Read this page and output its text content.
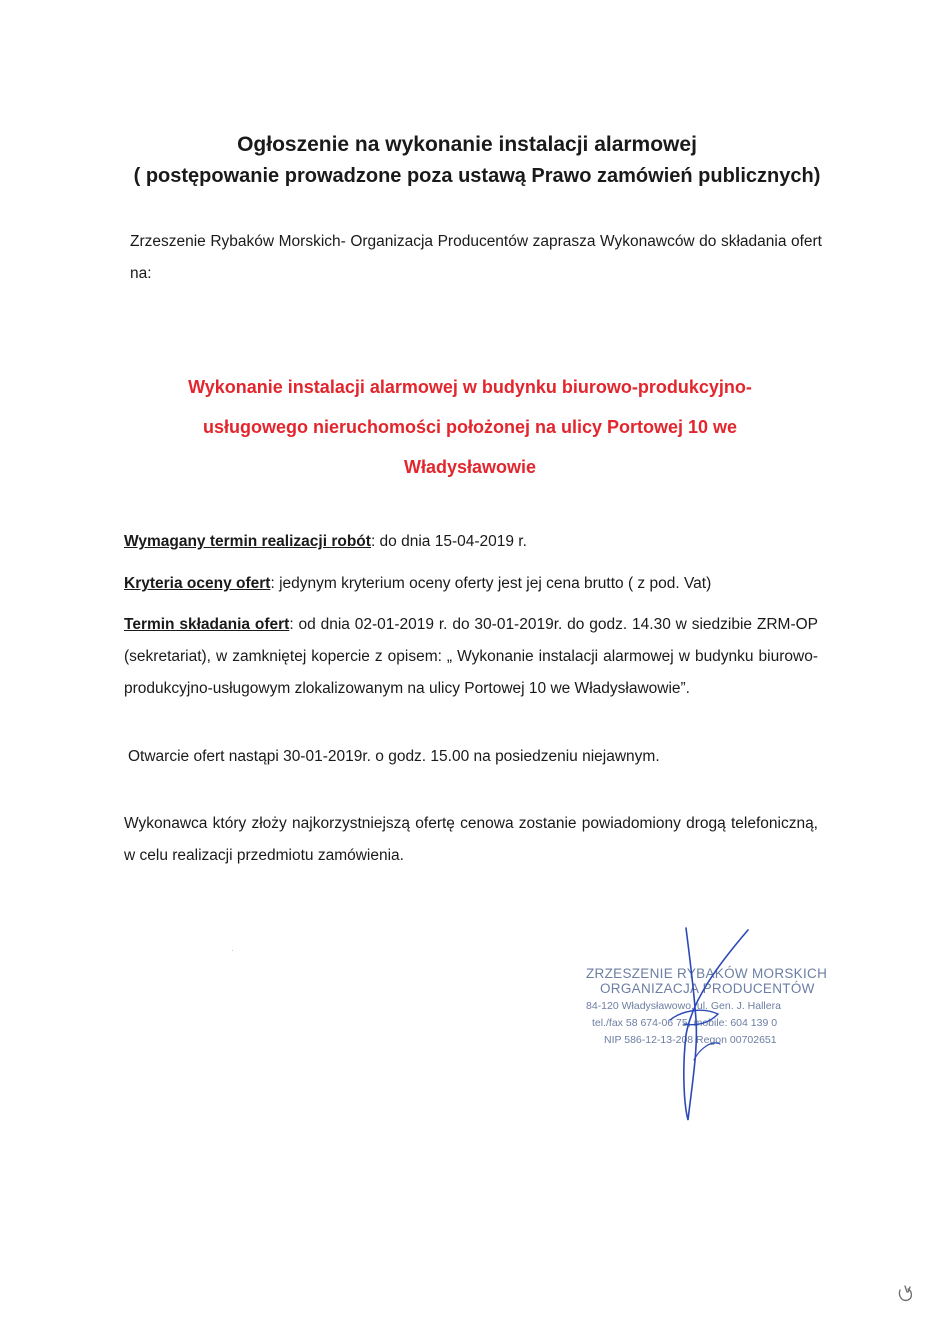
Ogłoszenie na wykonanie instalacji alarmowej
( postępowanie prowadzone poza ustawą Prawo zamówień publicznych)

Zrzeszenie Rybaków Morskich- Organizacja Producentów zaprasza Wykonawców do składania ofert na:

Wykonanie instalacji alarmowej w budynku biurowo-produkcyjno-usługowego nieruchomości położonej na ulicy Portowej 10 we Władysławowie

Wymagany termin realizacji robót: do dnia 15-04-2019 r.

Kryteria oceny ofert: jedynym kryterium oceny oferty jest jej cena brutto ( z pod. Vat)

Termin składania ofert: od dnia 02-01-2019 r. do 30-01-2019r. do godz. 14.30 w siedzibie ZRM-OP (sekretariat), w zamkniętej kopercie z opisem: „ Wykonanie instalacji alarmowej w budynku biurowo-produkcyjno-usługowym zlokalizowanym na ulicy Portowej 10 we Władysławowie”.

Otwarcie ofert nastąpi 30-01-2019r. o godz. 15.00 na posiedzeniu niejawnym.

Wykonawca który złoży najkorzystniejszą ofertę cenowa zostanie powiadomiony drogą telefoniczną, w celu realizacji przedmiotu zamówienia.

ZRZESZENIE RYBAKÓW MORSKICH
ORGANIZACJA PRODUCENTÓW
84-120 Władysławowo, ul. Gen. J. Hallera
tel./fax 58 674-06 75, mobile: 604 139 0
NIP 586-12-13-208 Regon 00702651
